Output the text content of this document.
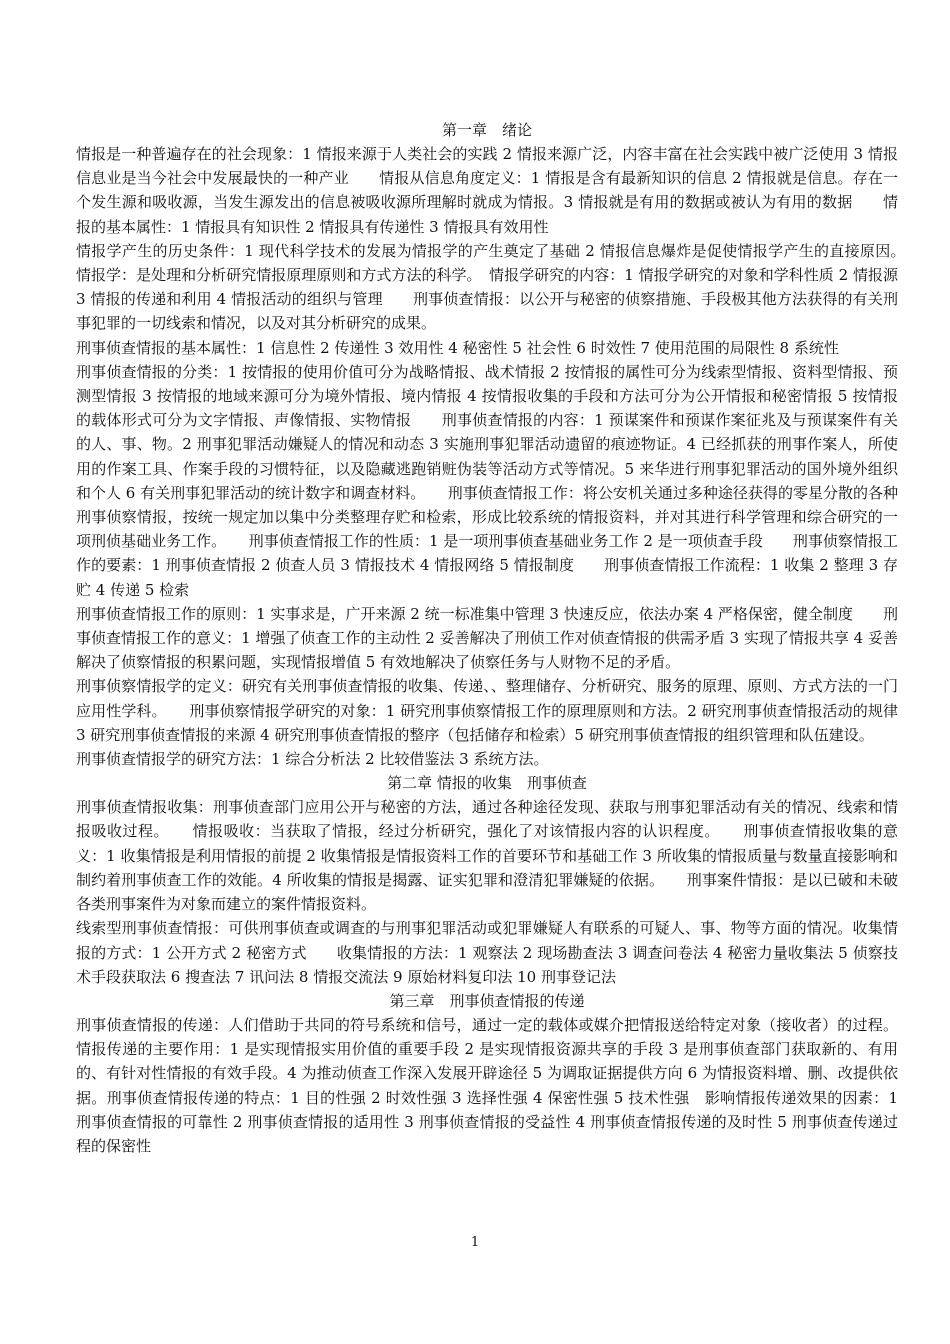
第一章　绪论

情报是一种普遍存在的社会现象：1 情报来源于人类社会的实践 2 情报来源广泛，内容丰富在社会实践中被广泛使用 3 情报信息业是当今社会中发展最快的一种产业　　情报从信息角度定义：1 情报是含有最新知识的信息 2 情报就是信息。存在一个发生源和吸收源，当发生源发出的信息被吸收源所理解时就成为情报。3 情报就是有用的数据或被认为有用的数据　　情报的基本属性：1 情报具有知识性 2 情报具有传递性 3 情报具有效用性

情报学产生的历史条件：1 现代科学技术的发展为情报学的产生奠定了基础 2 情报信息爆炸是促使情报学产生的直接原因。　情报学：是处理和分析研究情报原理原则和方式方法的科学。　情报学研究的内容：1 情报学研究的对象和学科性质 2 情报源 3 情报的传递和利用 4 情报活动的组织与管理　　刑事侦查情报：以公开与秘密的侦察措施、手段极其他方法获得的有关刑事犯罪的一切线索和情况，以及对其分析研究的成果。

刑事侦查情报的基本属性：1 信息性 2 传递性 3 效用性 4 秘密性 5 社会性 6 时效性 7 使用范围的局限性 8 系统性

刑事侦查情报的分类：1 按情报的使用价值可分为战略情报、战术情报 2 按情报的属性可分为线索型情报、资料型情报、预测型情报 3 按情报的地域来源可分为境外情报、境内情报 4 按情报收集的手段和方法可分为公开情报和秘密情报 5 按情报的载体形式可分为文字情报、声像情报、实物情报　　刑事侦查情报的内容：1 预谋案件和预谋作案征兆及与预谋案件有关的人、事、物。2 刑事犯罪活动嫌疑人的情况和动态 3 实施刑事犯罪活动遗留的痕迹物证。4 已经抓获的刑事作案人，所使用的作案工具、作案手段的习惯特征，以及隐藏逃跑销赃伪装等活动方式等情况。5 来华进行刑事犯罪活动的国外境外组织和个人 6 有关刑事犯罪活动的统计数字和调查材料。　　刑事侦查情报工作：将公安机关通过多种途径获得的零星分散的各种刑事侦察情报，按统一规定加以集中分类整理存贮和检索，形成比较系统的情报资料，并对其进行科学管理和综合研究的一项刑侦基础业务工作。　　刑事侦查情报工作的性质：1 是一项刑事侦查基础业务工作 2 是一项侦查手段　　刑事侦察情报工作的要素：1 刑事侦查情报 2 侦查人员 3 情报技术 4 情报网络 5 情报制度　　刑事侦查情报工作流程：1 收集 2 整理 3 存贮 4 传递 5 检索

刑事侦查情报工作的原则：1 实事求是，广开来源 2 统一标准集中管理 3 快速反应，依法办案 4 严格保密，健全制度　　刑事侦查情报工作的意义：1 增强了侦查工作的主动性 2 妥善解决了刑侦工作对侦查情报的供需矛盾 3 实现了情报共享 4 妥善解决了侦察情报的积累问题，实现情报增值 5 有效地解决了侦察任务与人财物不足的矛盾。

刑事侦察情报学的定义：研究有关刑事侦查情报的收集、传递、、整理储存、分析研究、服务的原理、原则、方式方法的一门应用性学科。　　刑事侦察情报学研究的对象：1 研究刑事侦察情报工作的原理原则和方法。2 研究刑事侦查情报活动的规律 3 研究刑事侦查情报的来源 4 研究刑事侦查情报的整序（包括储存和检索）5 研究刑事侦查情报的组织管理和队伍建设。

刑事侦查情报学的研究方法：1 综合分析法 2 比较借鉴法 3 系统方法。

第二章 情报的收集　刑事侦查

刑事侦查情报收集：刑事侦查部门应用公开与秘密的方法，通过各种途径发现、获取与刑事犯罪活动有关的情况、线索和情报吸收过程。　　情报吸收：当获取了情报，经过分析研究，强化了对该情报内容的认识程度。　　刑事侦查情报收集的意义：1 收集情报是利用情报的前提 2 收集情报是情报资料工作的首要环节和基础工作 3 所收集的情报质量与数量直接影响和制约着刑事侦查工作的效能。4 所收集的情报是揭露、证实犯罪和澄清犯罪嫌疑的依据。　　刑事案件情报：是以已破和未破各类刑事案件为对象而建立的案件情报资料。

线索型刑事侦查情报：可供刑事侦查或调查的与刑事犯罪活动或犯罪嫌疑人有联系的可疑人、事、物等方面的情况。收集情报的方式：1 公开方式 2 秘密方式　　收集情报的方法：1 观察法 2 现场勘查法 3 调查问卷法 4 秘密力量收集法 5 侦察技术手段获取法 6 搜查法 7 讯问法 8 情报交流法 9 原始材料复印法 10 刑事登记法

第三章　刑事侦查情报的传递

刑事侦查情报的传递：人们借助于共同的符号系统和信号，通过一定的载体或媒介把情报送给特定对象（接收者）的过程。情报传递的主要作用：1 是实现情报实用价值的重要手段 2 是实现情报资源共享的手段 3 是刑事侦查部门获取新的、有用的、有针对性情报的有效手段。4 为推动侦查工作深入发展开辟途径 5 为调取证据提供方向 6 为情报资料增、删、改提供依据。刑事侦查情报传递的特点：1 目的性强 2 时效性强 3 选择性强 4 保密性强 5 技术性强　影响情报传递效果的因素：1 刑事侦查情报的可靠性 2 刑事侦查情报的适用性 3 刑事侦查情报的受益性 4 刑事侦查情报传递的及时性 5 刑事侦查传递过程的保密性

1
